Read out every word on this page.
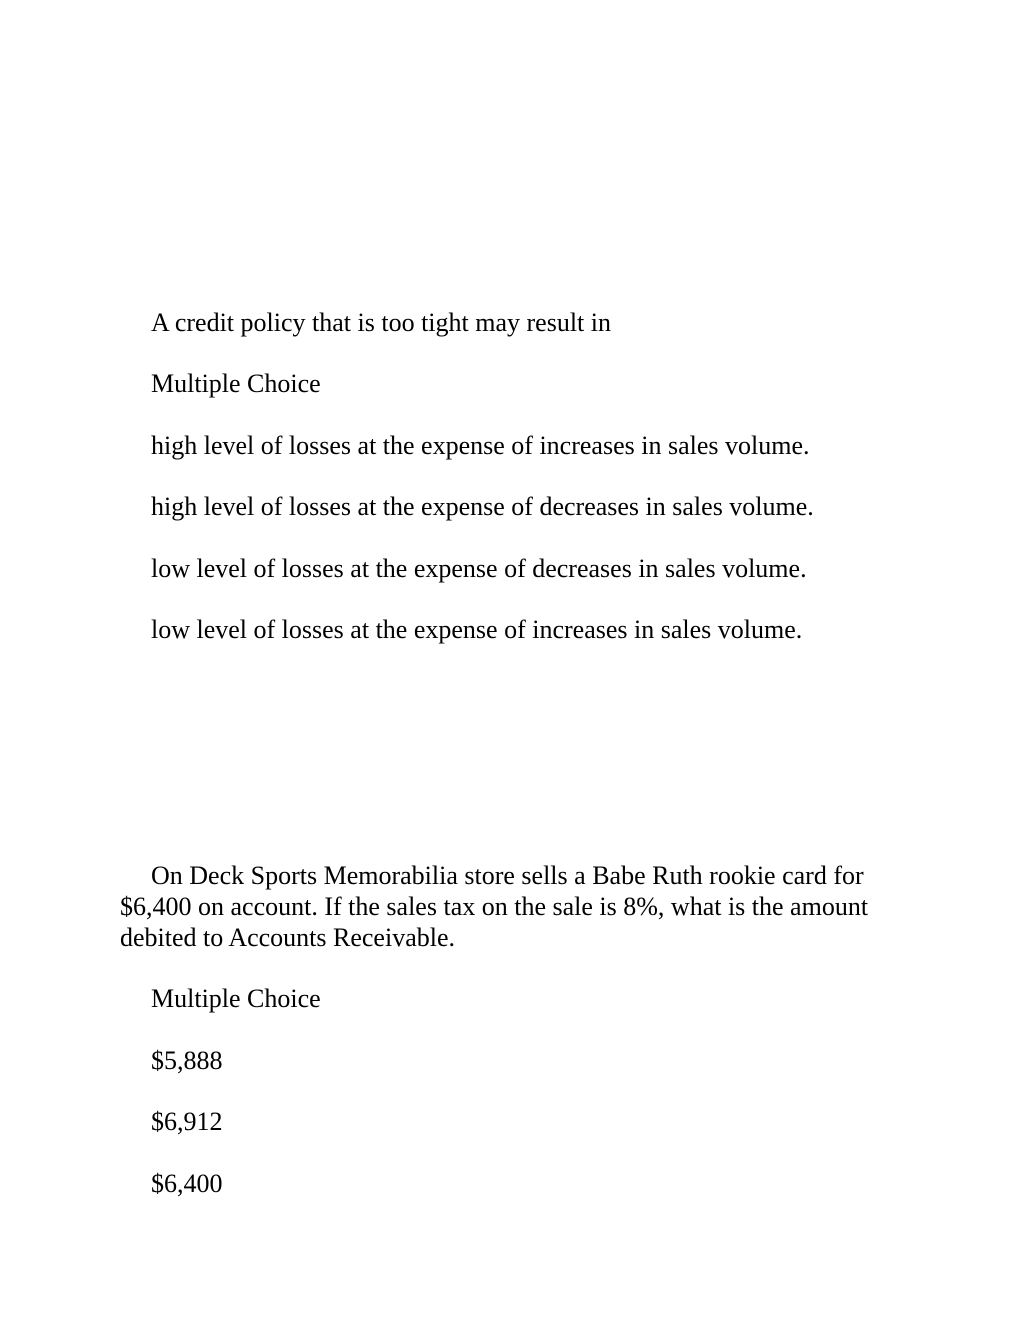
A credit policy that is too tight may result in

Multiple Choice

high level of losses at the expense of increases in sales volume.

high level of losses at the expense of decreases in sales volume.

low level of losses at the expense of decreases in sales volume.

low level of losses at the expense of increases in sales volume.

On Deck Sports Memorabilia store sells a Babe Ruth rookie card for $6,400 on account. If the sales tax on the sale is 8%, what is the amount debited to Accounts Receivable.

Multiple Choice

$5,888

$6,912

$6,400
